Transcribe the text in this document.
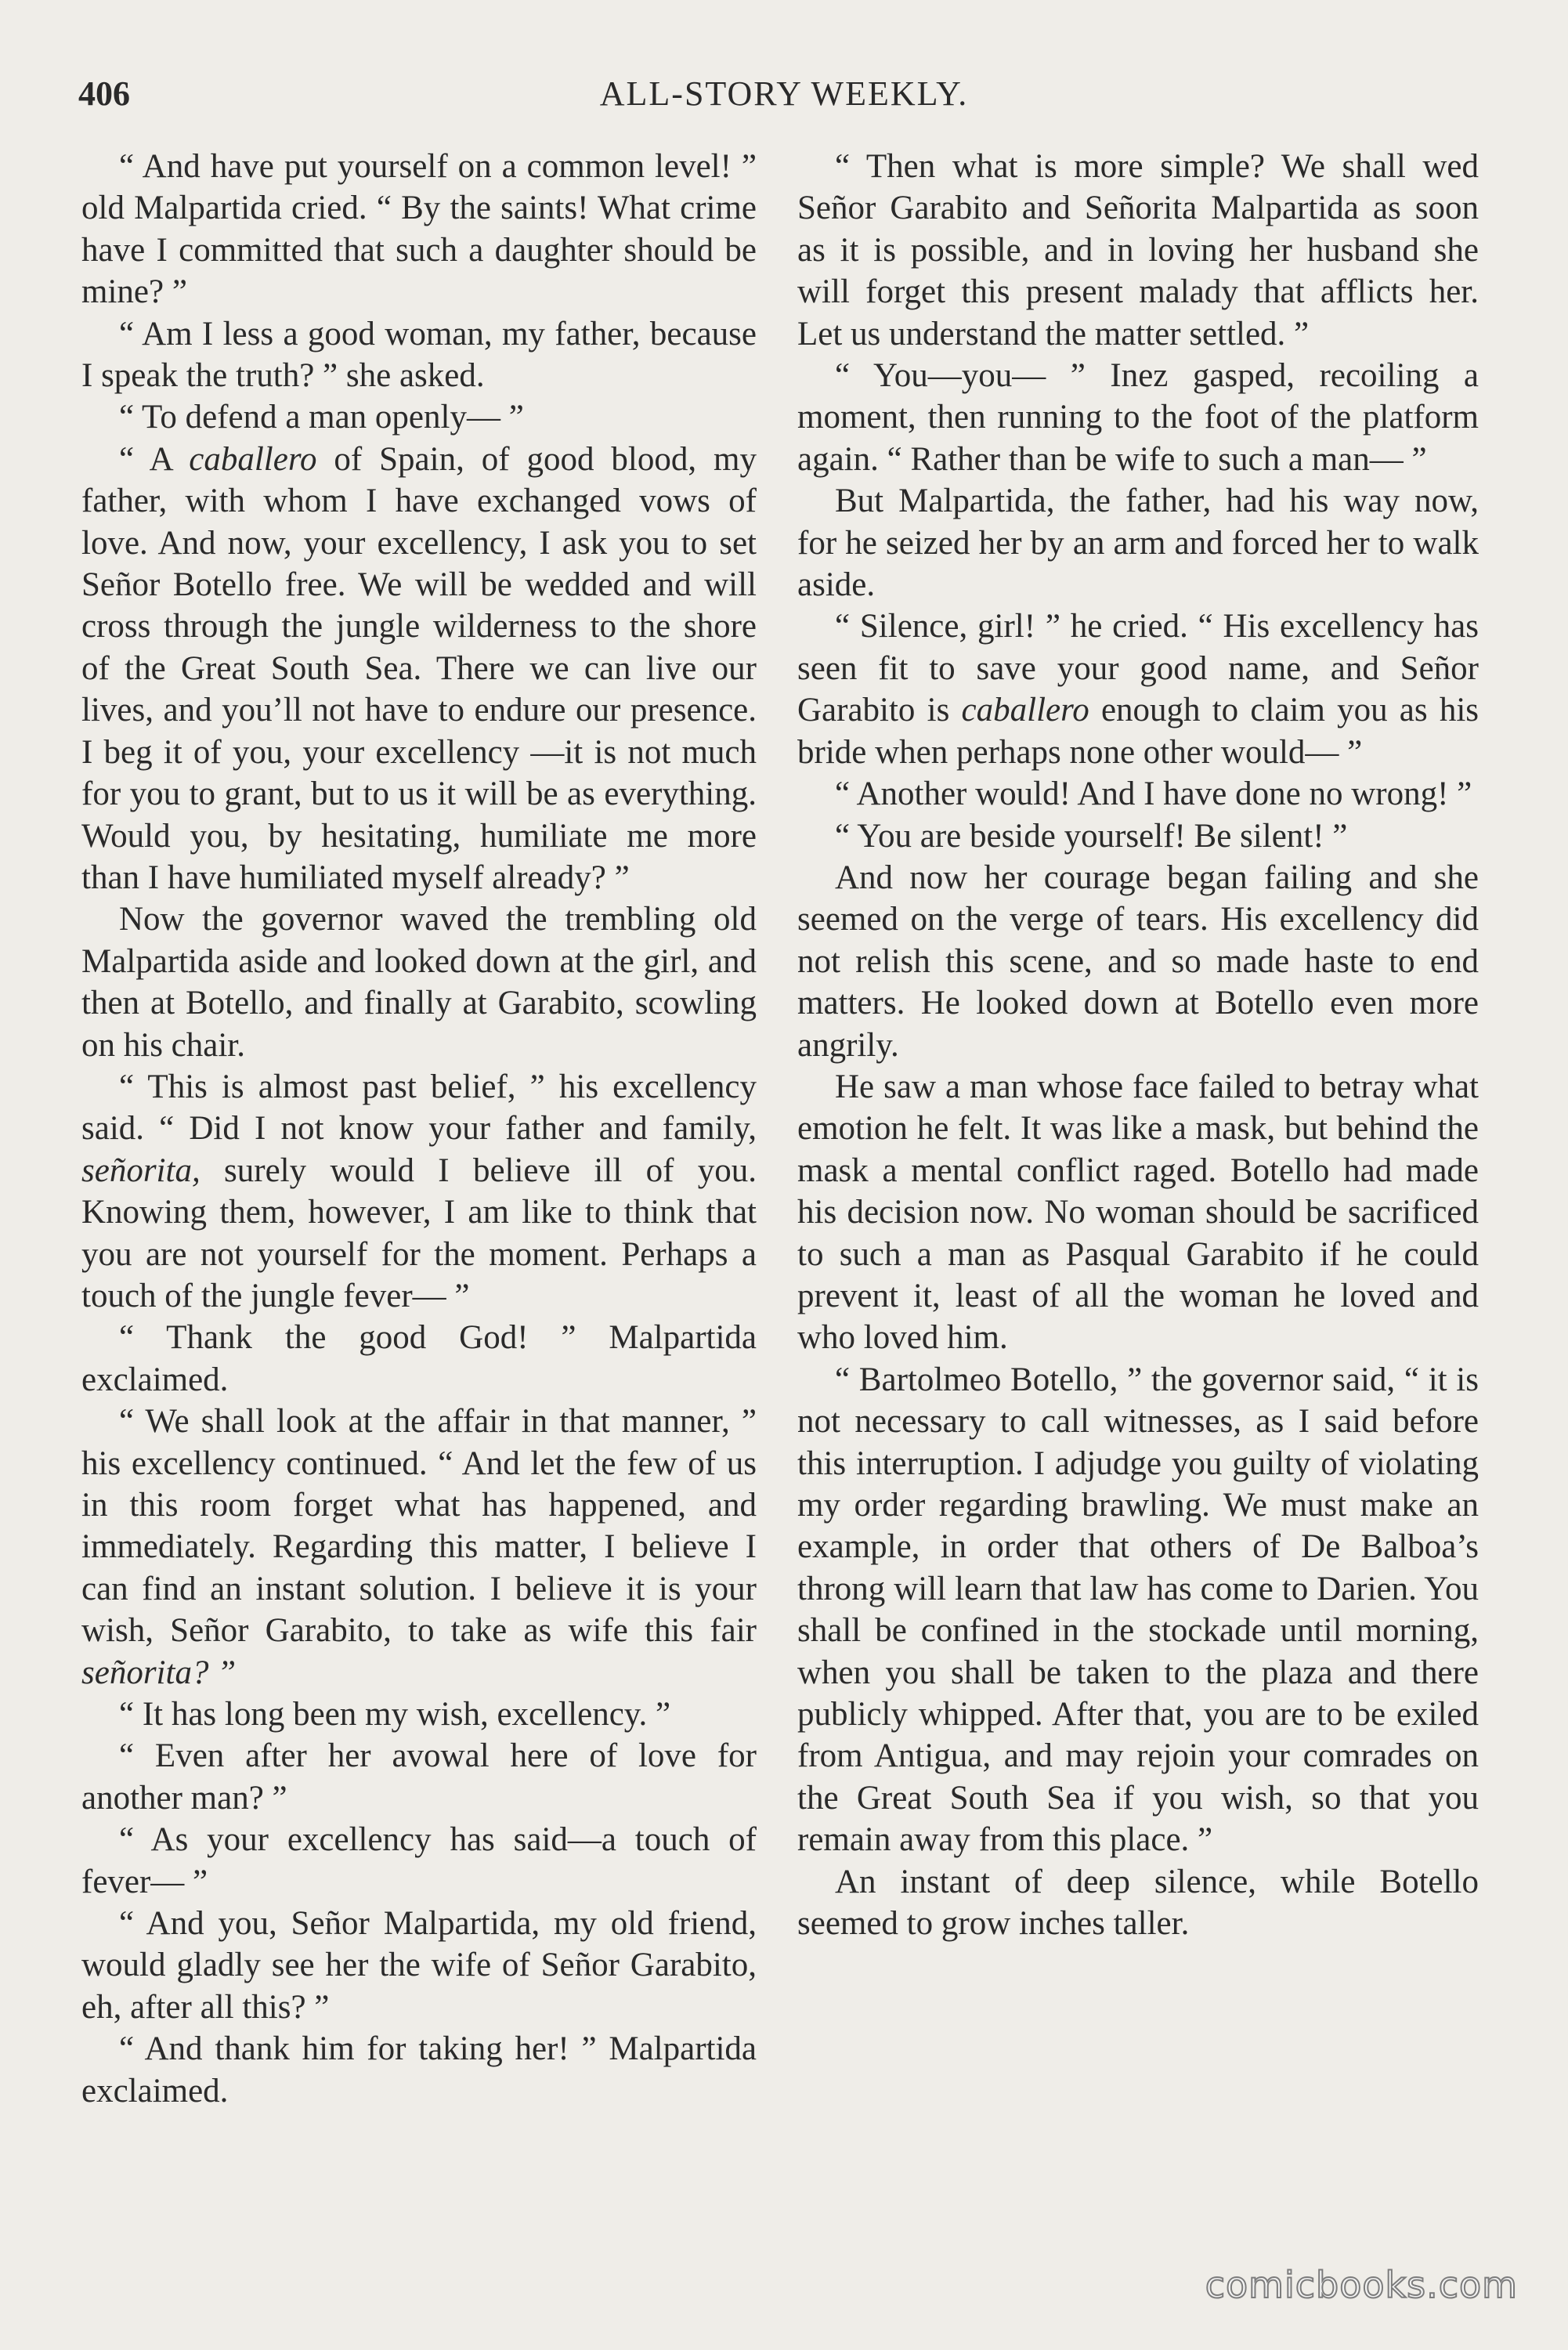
406	ALL-STORY WEEKLY.

“ And have put yourself on a common level! ” old Malpartida cried. “ By the saints! What crime have I committed that such a daughter should be mine? ”

“ Am I less a good woman, my father, because I speak the truth? ” she asked.

“ To defend a man openly— ”

“ A caballero of Spain, of good blood, my father, with whom I have exchanged vows of love. And now, your excellency, I ask you to set Señor Botello free. We will be wedded and will cross through the jungle wilderness to the shore of the Great South Sea. There we can live our lives, and you’ll not have to endure our presence. I beg it of you, your excellency —it is not much for you to grant, but to us it will be as everything. Would you, by hesitating, humiliate me more than I have humiliated myself already? ”

Now the governor waved the trembling old Malpartida aside and looked down at the girl, and then at Botello, and finally at Garabito, scowling on his chair.

“ This is almost past belief, ” his excellency said. “ Did I not know your father and family, señorita, surely would I believe ill of you. Knowing them, however, I am like to think that you are not yourself for the moment. Perhaps a touch of the jungle fever— ”

“ Thank the good God! ” Malpartida exclaimed.

“ We shall look at the affair in that manner, ” his excellency continued. “ And let the few of us in this room forget what has happened, and immediately. Regarding this matter, I believe I can find an instant solution. I believe it is your wish, Señor Garabito, to take as wife this fair señorita? ”

“ It has long been my wish, excellency. ”

“ Even after her avowal here of love for another man? ”

“ As your excellency has said—a touch of fever— ”

“ And you, Señor Malpartida, my old friend, would gladly see her the wife of Señor Garabito, eh, after all this? ”

“ And thank him for taking her! ” Malpartida exclaimed.

“ Then what is more simple? We shall wed Señor Garabito and Señorita Malpartida as soon as it is possible, and in loving her husband she will forget this present malady that afflicts her. Let us understand the matter settled. ”

“ You—you— ” Inez gasped, recoiling a moment, then running to the foot of the platform again. “ Rather than be wife to such a man— ”

But Malpartida, the father, had his way now, for he seized her by an arm and forced her to walk aside.

“ Silence, girl! ” he cried. “ His excellency has seen fit to save your good name, and Señor Garabito is caballero enough to claim you as his bride when perhaps none other would— ”

“ Another would! And I have done no wrong! ”

“ You are beside yourself! Be silent! ”

And now her courage began failing and she seemed on the verge of tears. His excellency did not relish this scene, and so made haste to end matters. He looked down at Botello even more angrily.

He saw a man whose face failed to betray what emotion he felt. It was like a mask, but behind the mask a mental conflict raged. Botello had made his decision now. No woman should be sacrificed to such a man as Pasqual Garabito if he could prevent it, least of all the woman he loved and who loved him.

“ Bartolmeo Botello, ” the governor said, “ it is not necessary to call witnesses, as I said before this interruption. I adjudge you guilty of violating my order regarding brawling. We must make an example, in order that others of De Balboa’s throng will learn that law has come to Darien. You shall be confined in the stockade until morning, when you shall be taken to the plaza and there publicly whipped. After that, you are to be exiled from Antigua, and may rejoin your comrades on the Great South Sea if you wish, so that you remain away from this place. ”

An instant of deep silence, while Botello seemed to grow inches taller.

comicbooks.com
